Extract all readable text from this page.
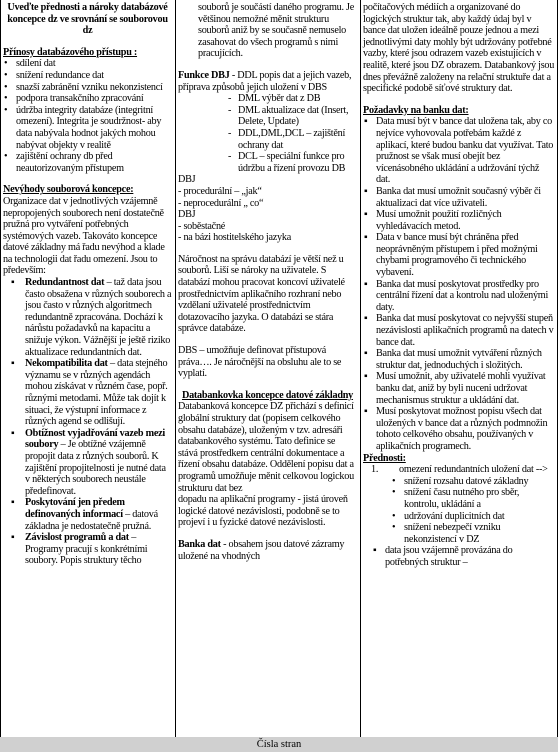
Uveďte přednosti a nároky databázové koncepce dz ve srovnání se souborovou dz

Přínosy databázového přístupu :

• sdílení dat
• snížení redundance dat
• snazší zabránění vzniku nekonzistencí
• podpora transakčního zpracování
• údržba integrity databáze (integritní omezení). Integrita je soudržnost- aby data nabývala hodnot jakých mohou nabývat objekty v realitě
• zajištění ochrany db před neautorizovaným přístupem

Nevýhody souborová koncepce:

Organizace dat v jednotlivých vzájemně nepropojených souborech není dostatečně pružná pro vytváření potřebných systémových vazeb. Takováto koncepce datové základny má řadu nevýhod a klade na technologii dat řadu omezení. Jsou to především:

▪ Redundantnost dat – taž data jsou často obsažena v různých souborech a jsou často v různých algoritmech redundantně zpracována. Dochází k nárůstu požadavků na kapacitu a snižuje výkon. Vážnější je ještě riziko aktualizace redundantních dat.
▪ Nekompatibilita dat – data stejného významu se v různých agendách mohou získávat v různém čase, popř. různými metodami. Může tak dojít k situaci, že výstupní informace z různých agend se odlišují.
▪ Obtížnost vyjadřování vazeb mezi soubory – Je obtížné vzájemně propojit data z různých souborů. K zajištění propojitelnosti je nutné data v některých souborech neustále předefinovat.
▪ Poskytování jen předem definovaných informací – datová základna je nedostatečně pružná.
▪ Závislost programů a dat – Programy pracují s konkrétními soubory. Popis struktury těcho

souborů je součástí daného programu. Je většinou nemožné měnit strukturu souborů aniž by se současně nemuselo zasahovat do všech programů s nimi pracujících.

Funkce DBJ - DDL popis dat a jejich vazeb, příprava způsobů jejich uložení v DBS

- DML výběr dat z DB
- DML aktualizace dat (Insert, Delete, Update)
- DDL,DML,DCL – zajištění ochrany dat
- DCL – speciální funkce pro údržbu a řízení provozu DB

DBJ

- procedurální – „jak“

- neprocedurální „ co“

DBJ

- soběstačné

- na bázi hostitelského jazyka

Náročnost na správu databází je větší než u souborů. Liší se nároky na uživatele. S databází mohou pracovat koncoví uživatelé prostřednictvím aplikačního rozhraní nebo vzdělaní uživatelé prostřednictvím dotazovacího jazyka. O databázi se stára správce databáze.

DBS – umožňuje definovat přístupová práva…. Je náročnější na obsluhu ale to se vyplatí.

Databankovka koncepce datové základny

Databanková koncepce DZ přichází s definicí globální struktury dat (popisem celkového obsahu databáze), uloženým v tzv. adresáři databankového systému. Tato definice se stává prostředkem centrální dokumentace a řízení obsahu databáze. Oddělení popisu dat a programů umožňuje měnit celkovou logickou strukturu dat bez

dopadu na aplikační programy - jistá úroveň logické datové nezávislosti, podobně se to projeví i u fyzické datové nezávislosti.

Banka dat - obsahem jsou datové zázramy uložené na vhodných

počítačových médiích a organizované do logických struktur tak, aby každý údaj byl v bance dat uložen ideálně pouze jednou a mezi jednotlivými daty mohly být udržovány potřebné vazby, které jsou odrazem vazeb existujících v realitě, které jsou DZ obrazem. Databankový jsou dnes převážně založeny na relační struktuře dat a specifické podobě síťové struktury dat.

Požadavky na banku dat:

▪ Data musí být v bance dat uložena tak, aby co nejvíce vyhovovala potřebám každé z aplikací, které budou banku dat využívat. Tato pružnost se však musí obejít bez vícenásobného ukládání a udržování týchž dat.
▪ Banka dat musí umožnit současný výběr či aktualizaci dat více uživateli.
▪ Musí umožnit použití rozličných vyhledávacích metod.
▪ Data v bance musí být chráněna před neoprávněným přístupem i před možnými chybami programového či technického vybavení.
▪ Banka dat musí poskytovat prostředky pro centrální řízení dat a kontrolu nad uloženými daty.
▪ Banka dat musí poskytovat co nejvyšší stupeň nezávislosti aplikačních programů na datech v bance dat.
▪ Banka dat musí umožnit vytváření různých struktur dat, jednoduchých i složitých.
▪ Musí umožnit, aby uživatelé mohli využívat banku dat, aniž by byli nuceni udržovat mechanismus struktur a ukládání dat.
▪ Musí poskytovat možnost popisu všech dat uložených v bance dat a různých podmnožin tohoto celkového obsahu, používaných v aplikačních programech.

Přednosti:

1. omezení redundantních uložení dat -->

• snížení rozsahu datové základny
• snížení času nutného pro sběr, kontrolu, ukládání a
• udržování duplicitních dat
• snížení nebezpečí vzniku nekonzistencí v DZ

▪ data jsou vzájemně provázána do potřebných struktur –

Čísla stran
